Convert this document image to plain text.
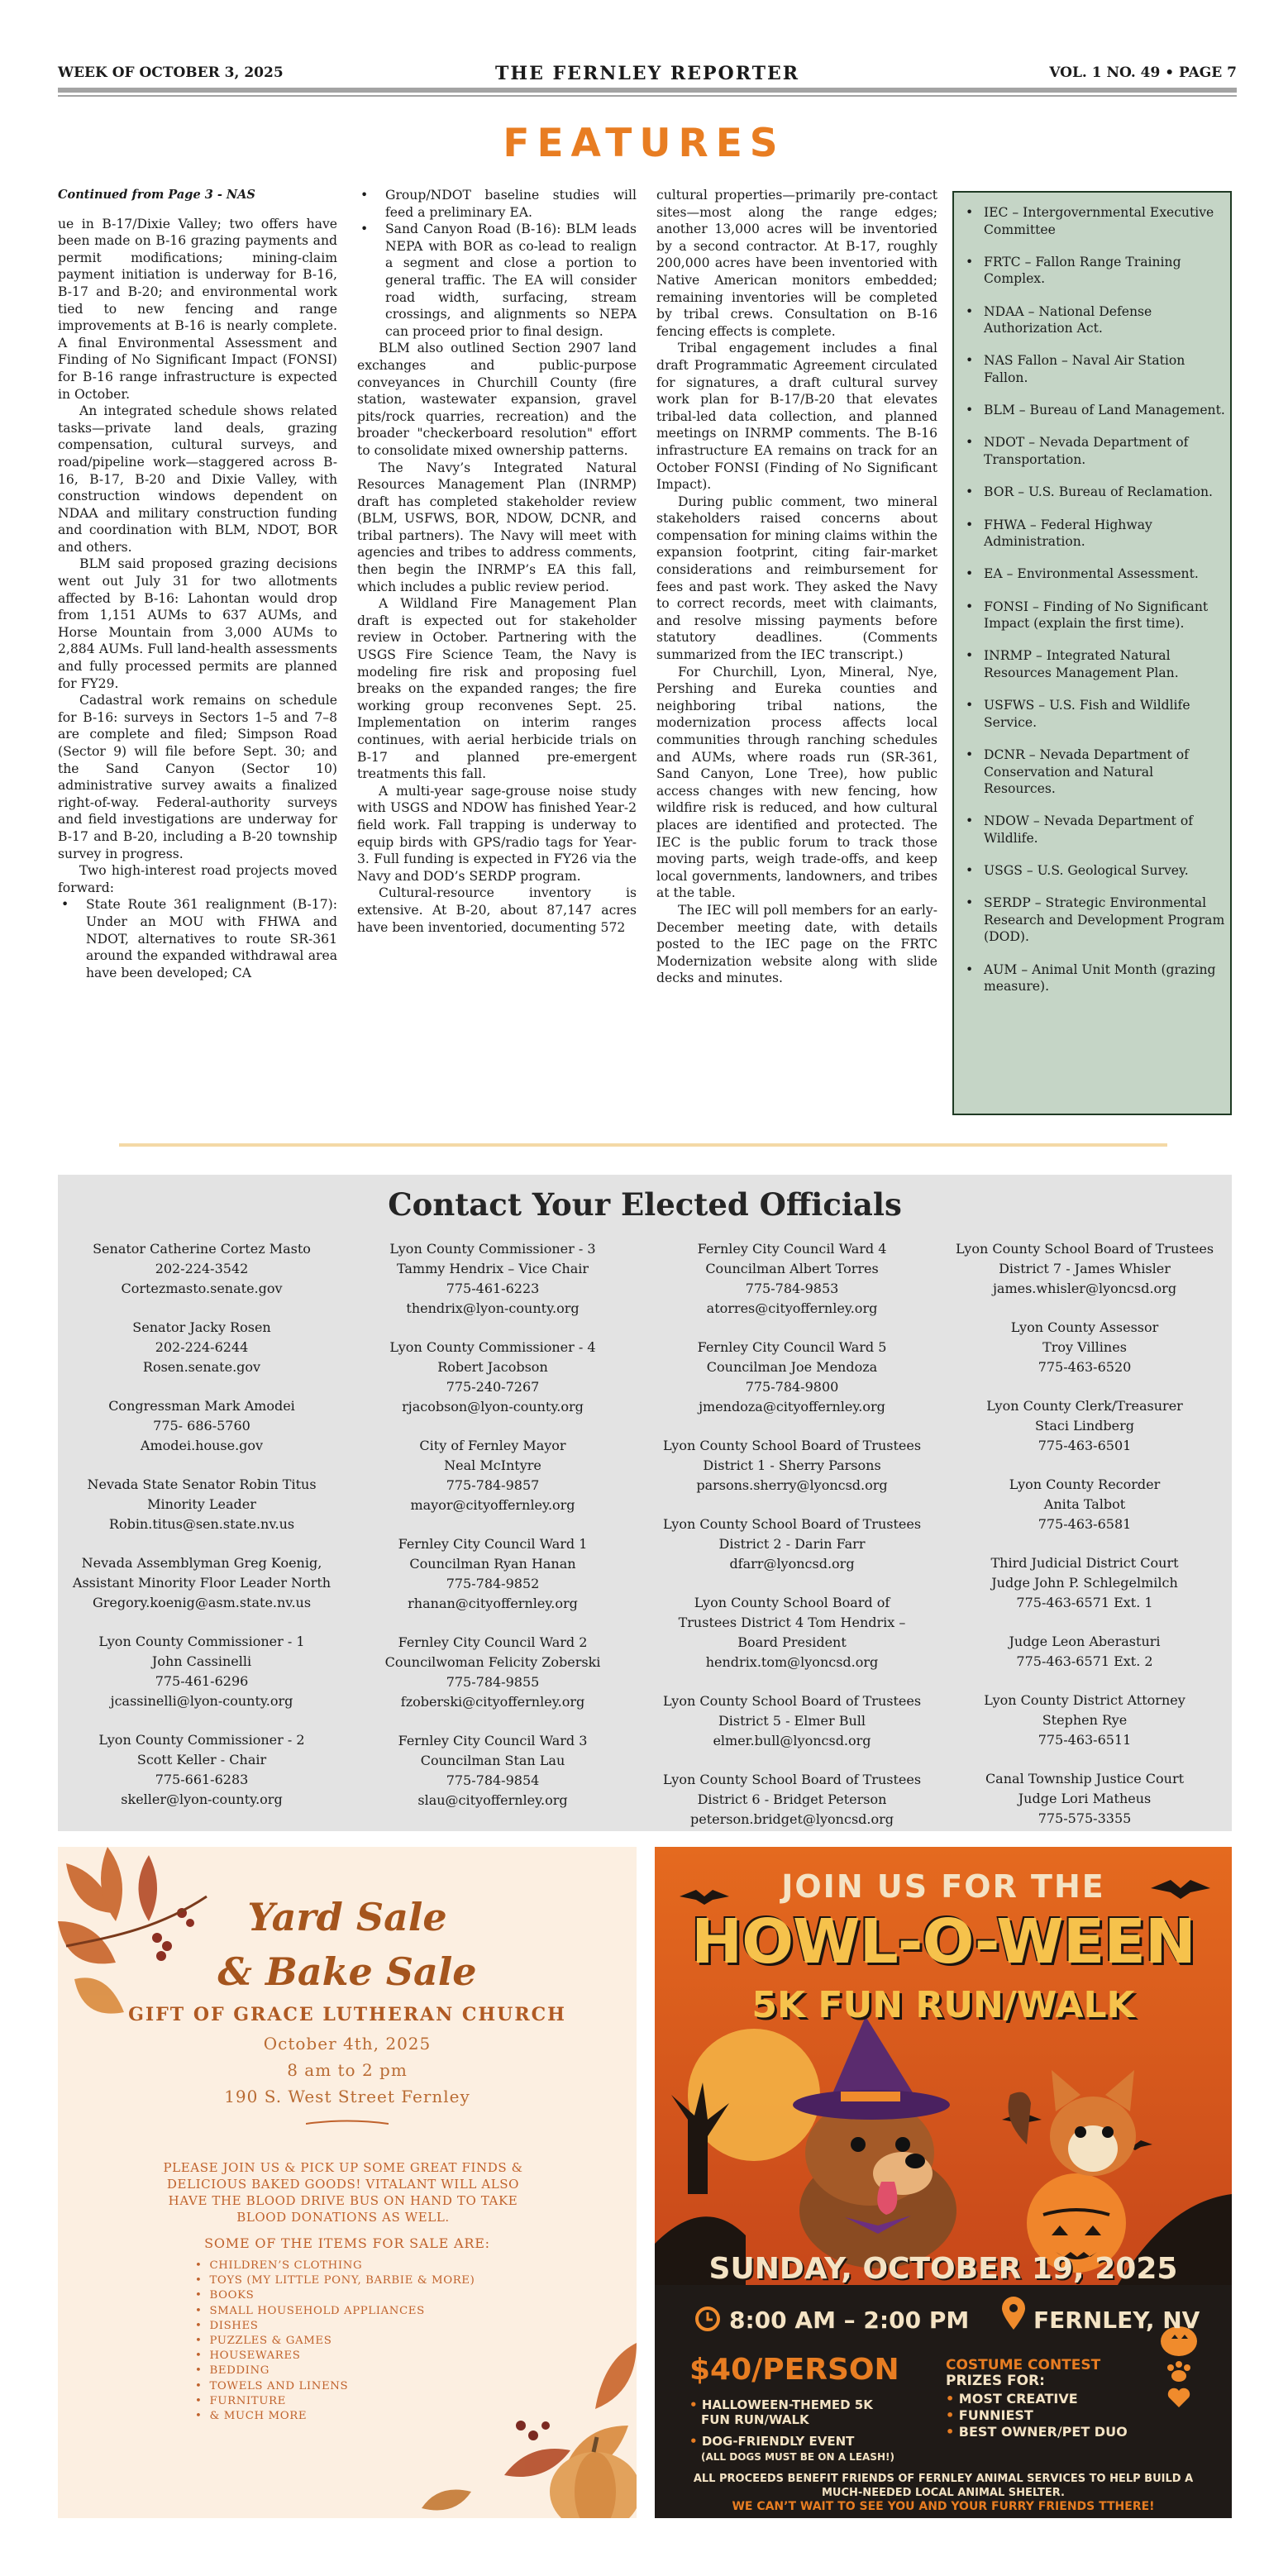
WEEK OF OCTOBER 3, 2025	THE FERNLEY REPORTER	VOL. 1 NO. 49 • PAGE 7
FEATURES

Continued from Page 3 - NAS

ue in B-17/Dixie Valley; two offers have been made on B-16 grazing payments and permit modifications; mining-claim payment initiation is underway for B-16, B-17 and B-20; and environmental work tied to new fencing and range improvements at B-16 is nearly complete. A final Environmental Assessment and Finding of No Significant Impact (FONSI) for B-16 range infrastructure is expected in October.

An integrated schedule shows related tasks—private land deals, grazing compensation, cultural surveys, and road/pipeline work—staggered across B-16, B-17, B-20 and Dixie Valley, with construction windows dependent on NDAA and military construction funding and coordination with BLM, NDOT, BOR and others.

BLM said proposed grazing decisions went out July 31 for two allotments affected by B-16: Lahontan would drop from 1,151 AUMs to 637 AUMs, and Horse Mountain from 3,000 AUMs to 2,884 AUMs. Full land-health assessments and fully processed permits are planned for FY29.

Cadastral work remains on schedule for B-16: surveys in Sectors 1–5 and 7–8 are complete and filed; Simpson Road (Sector 9) will file before Sept. 30; and the Sand Canyon (Sector 10) administrative survey awaits a finalized right-of-way. Federal-authority surveys and field investigations are underway for B-17 and B-20, including a B-20 township survey in progress.

Two high-interest road projects moved forward:

• State Route 361 realignment (B-17): Under an MOU with FHWA and NDOT, alternatives to route SR-361 around the expanded withdrawal area have been developed; CA
• Group/NDOT baseline studies will feed a preliminary EA.
• Sand Canyon Road (B-16): BLM leads NEPA with BOR as co-lead to realign a segment and close a portion to general traffic. The EA will consider road width, surfacing, stream crossings, and alignments so NEPA can proceed prior to final design.

BLM also outlined Section 2907 land exchanges and public-purpose conveyances in Churchill County (fire station, wastewater expansion, gravel pits/rock quarries, recreation) and the broader "checkerboard resolution" effort to consolidate mixed ownership patterns.

The Navy’s Integrated Natural Resources Management Plan (INRMP) draft has completed stakeholder review (BLM, USFWS, BOR, NDOW, DCNR, and tribal partners). The Navy will meet with agencies and tribes to address comments, then begin the INRMP’s EA this fall, which includes a public review period.

A Wildland Fire Management Plan draft is expected out for stakeholder review in October. Partnering with the USGS Fire Science Team, the Navy is modeling fire risk and proposing fuel breaks on the expanded ranges; the fire working group reconvenes Sept. 25. Implementation on interim ranges continues, with aerial herbicide trials on B-17 and planned pre-emergent treatments this fall.

A multi-year sage-grouse noise study with USGS and NDOW has finished Year-2 field work. Fall trapping is underway to equip birds with GPS/radio tags for Year-3. Full funding is expected in FY26 via the Navy and DOD’s SERDP program.

Cultural-resource inventory is extensive. At B-20, about 87,147 acres have been inventoried, documenting 572

cultural properties—primarily pre-contact sites—most along the range edges; another 13,000 acres will be inventoried by a second contractor. At B-17, roughly 200,000 acres have been inventoried with Native American monitors embedded; remaining inventories will be completed by tribal crews. Consultation on B-16 fencing effects is complete.

Tribal engagement includes a final draft Programmatic Agreement circulated for signatures, a draft cultural survey work plan for B-17/B-20 that elevates tribal-led data collection, and planned meetings on INRMP comments. The B-16 infrastructure EA remains on track for an October FONSI (Finding of No Significant Impact).

During public comment, two mineral stakeholders raised concerns about compensation for mining claims within the expansion footprint, citing fair-market considerations and reimbursement for fees and past work. They asked the Navy to correct records, meet with claimants, and resolve missing payments before statutory deadlines. (Comments summarized from the IEC transcript.)

For Churchill, Lyon, Mineral, Nye, Pershing and Eureka counties and neighboring tribal nations, the modernization process affects local communities through ranching schedules and AUMs, where roads run (SR-361, Sand Canyon, Lone Tree), how public access changes with new fencing, how wildfire risk is reduced, and how cultural places are identified and protected. The IEC is the public forum to track those moving parts, weigh trade-offs, and keep local governments, landowners, and tribes at the table.

The IEC will poll members for an early-December meeting date, with details posted to the IEC page on the FRTC Modernization website along with slide decks and minutes.

• IEC – Intergovernmental Executive Committee
• FRTC – Fallon Range Training Complex.
• NDAA – National Defense Authorization Act.
• NAS Fallon – Naval Air Station Fallon.
• BLM – Bureau of Land Management.
• NDOT – Nevada Department of Transportation.
• BOR – U.S. Bureau of Reclamation.
• FHWA – Federal Highway Administration.
• EA – Environmental Assessment.
• FONSI – Finding of No Significant Impact (explain the first time).
• INRMP – Integrated Natural Resources Management Plan.
• USFWS – U.S. Fish and Wildlife Service.
• DCNR – Nevada Department of Conservation and Natural Resources.
• NDOW – Nevada Department of Wildlife.
• USGS – U.S. Geological Survey.
• SERDP – Strategic Environmental Research and Development Program (DOD).
• AUM – Animal Unit Month (grazing measure).
Contact Your Elected Officials
Senator Catherine Cortez Masto
202-224-3542
Cortezmasto.senate.gov
Senator Jacky Rosen
202-224-6244
Rosen.senate.gov
Congressman Mark Amodei
775- 686-5760
Amodei.house.gov
Nevada State Senator Robin Titus
Minority Leader
Robin.titus@sen.state.nv.us
Nevada Assemblyman Greg Koenig,
Assistant Minority Floor Leader North
Gregory.koenig@asm.state.nv.us
Lyon County Commissioner - 1
John Cassinelli
775-461-6296
jcassinelli@lyon-county.org
Lyon County Commissioner - 2
Scott Keller - Chair
775-661-6283
skeller@lyon-county.org
Lyon County Commissioner - 3
Tammy Hendrix – Vice Chair
775-461-6223
thendrix@lyon-county.org
Lyon County Commissioner - 4
Robert Jacobson
775-240-7267
rjacobson@lyon-county.org
City of Fernley Mayor
Neal McIntyre
775-784-9857
mayor@cityoffernley.org
Fernley City Council Ward 1
Councilman Ryan Hanan
775-784-9852
rhanan@cityoffernley.org
Fernley City Council Ward 2
Councilwoman Felicity Zoberski
775-784-9855
fzoberski@cityoffernley.org
Fernley City Council Ward 3
Councilman Stan Lau
775-784-9854
slau@cityoffernley.org
Fernley City Council Ward 4
Councilman Albert Torres
775-784-9853
atorres@cityoffernley.org
Fernley City Council Ward 5
Councilman Joe Mendoza
775-784-9800
jmendoza@cityoffernley.org
Lyon County School Board of Trustees
District 1 - Sherry Parsons
parsons.sherry@lyoncsd.org
Lyon County School Board of Trustees
District 2 - Darin Farr
dfarr@lyoncsd.org
Lyon County School Board of
Trustees District 4 Tom Hendrix –
Board President
hendrix.tom@lyoncsd.org
Lyon County School Board of Trustees
District 5 - Elmer Bull
elmer.bull@lyoncsd.org
Lyon County School Board of Trustees
District 6 - Bridget Peterson
peterson.bridget@lyoncsd.org
Lyon County School Board of Trustees
District 7 - James Whisler
james.whisler@lyoncsd.org
Lyon County Assessor
Troy Villines
775-463-6520
Lyon County Clerk/Treasurer
Staci Lindberg
775-463-6501
Lyon County Recorder
Anita Talbot
775-463-6581
Third Judicial District Court
Judge John P. Schlegelmilch
775-463-6571 Ext. 1
Judge Leon Aberasturi
775-463-6571 Ext. 2
Lyon County District Attorney
Stephen Rye
775-463-6511
Canal Township Justice Court
Judge Lori Matheus
775-575-3355
Yard Sale
& Bake Sale
GIFT OF GRACE LUTHERAN CHURCH
October 4th, 2025
8 am to 2 pm
190 S. West Street Fernley
PLEASE JOIN US & PICK UP SOME GREAT FINDS & DELICIOUS BAKED GOODS! VITALANT WILL ALSO HAVE THE BLOOD DRIVE BUS ON HAND TO TAKE BLOOD DONATIONS AS WELL.
SOME OF THE ITEMS FOR SALE ARE:
• CHILDREN’S CLOTHING
• TOYS (MY LITTLE PONY, BARBIE & MORE)
• BOOKS
• SMALL HOUSEHOLD APPLIANCES
• DISHES
• PUZZLES & GAMES
• HOUSEWARES
• BEDDING
• TOWELS AND LINENS
• FURNITURE
• & MUCH MORE
JOIN US FOR THE
HOWL-O-WEEN
5K FUN RUN/WALK
SUNDAY, OCTOBER 19, 2025
8:00 AM – 2:00 PM	FERNLEY, NV
$40/PERSON
• HALLOWEEN-THEMED 5K
FUN RUN/WALK
• DOG-FRIENDLY EVENT
(ALL DOGS MUST BE ON A LEASH!)
COSTUME CONTEST
PRIZES FOR:
• MOST CREATIVE
• FUNNIEST
• BEST OWNER/PET DUO
ALL PROCEEDS BENEFIT FRIENDS OF FERNLEY ANIMAL SERVICES TO HELP BUILD A MUCH-NEEDED LOCAL ANIMAL SHELTER.
WE CAN’T WAIT TO SEE YOU AND YOUR FURRY FRIENDS TTHERE!
